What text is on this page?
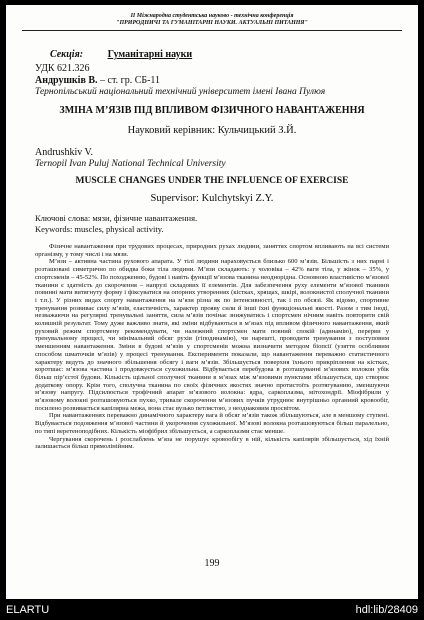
II Міжнародна студентська науково - технічна конференція
"ПРИРОДНИЧІ ТА ГУМАНІТАРНІ НАУКИ. АКТУАЛЬНІ ПИТАННЯ"
Секція: Гуманітарні науки
УДК 621.326
Андрушків В. – ст. гр. СБ-11
Тернопільський національний технічний університет імені Івана Пулюя
ЗМІНА М’ЯЗІВ ПІД ВПЛИВОМ ФІЗИЧНОГО НАВАНТАЖЕННЯ
Науковий керівник: Кульчицький З.Й.
Andrushkiv V.
Ternopil Ivan Puluj National Technical University
MUSCLE CHANGES UNDER THE INFLUENCE OF EXERCISE
Supervisor: Kulchytskyi Z.Y.
Ключові слова: мязи, фізичне навантаження.
Keywords: muscles, physical activity.

Фізичне навантаження при трудових процесах, природних рухах людини, заняттях спортом впливають на всі системи організму, у тому числі і на мязи.

М’язи – активна частина рухового апарата. У тілі людини нараховується близько 600 м’язів. Більшість з них парні і розташовані симетрично по обидва боки тіла людини. М’язи складають: у чоловіка – 42% ваги тіла, у жінок – 35%, у спортсменів – 45-52%. По походженню, будові і навіть функції м’язова тканина неоднорідна. Основною властивістю м’язової тканини є здатність до скорочення – напрузі складових її елементів. Для забезпечення руху елементи м’язової тканини повинні мати витягнуту форму і фіксуватися на опорних утвореннях (кістках, хрящах, шкірі, волокнистої сполучної тканини і т.п.). У різних видах спорту навантаження на м’язи різна як по інтенсивності, так і по обсязі. Як відомо, спортивне тренування розвиває силу м’язів, еластичність, характер прояву сили й інші їхні функціональні якості. Разом з тим іноді, незважаючи на регулярні тренувальні заняття, сила м’язів почінає знижуватись і спортсмен нічним навіть повторити свій колишній результат. Тому дуже важливо знати, які зміни відбуваються в м’язах під впливом фізичного навантаження, який руховий режим спортсмену рекомендувати, чи належний спортсмен мати повний спокій (адинамію), перерви у тренувальному процесі, чи мінімальний обсяг рухів (гіподинамію), чи нарешті, проводити тренування з поступовим зменшенням навантаження. Зміни в будові м’язів у спортсменів можна визначити методом біопсії (узяття особливим способом шматочків м’язів) у процесі тренування. Експерименти показали, що навантаження переважно статистичного характеру ведуть до значного збільшення обсягу і ваги м’язів. Збільшується поверхня їхнього прикріплення на кістках, коротшає: м’язова частина і продовжується сухожильна. Відбувається перебудова в розташуванні м’язових волокон убік більш пір’єстої будови. Кількість щільної сполучної тканини в м’язах між м’язовими пунктами збільшується, що створює додаткову опору. Крім того, сполучна тканина по своїх фізичних якостях значно протистоїть розтягуванню, зменшуючи м’язову напругу. Підсилюється трофічний апарат м’язового волокна: ядра, саркоплазма, мітохондрії. Міофібрили у м’язовому волокні розташовуються пухко, тривале скорочення м’язових пучків утруднює внутрішньо органний кровообіг, посилено розвивається капілярна межа, вона стає вузько петлястою, з неоднаковим просвітом.

При навантаженнях переважно динамічного характеру вага й обсяг м’язів також збільшуються, але в меншому ступені. Відбувається подовження м’язової частини й укорочення сухожильної. М’язові волокна розташовуються більш паралельно, по типі веретеноподібних. Кількість міофібрил збільшується, а саркоплазми стає менше.

Чергування скорочень і розслаблень м’яза не порушує кровообігу в ній, кількість капілярів збільшується, хід їхній залишається більш прямолінійним.

199
ELARTU	hdl:lib/28409
